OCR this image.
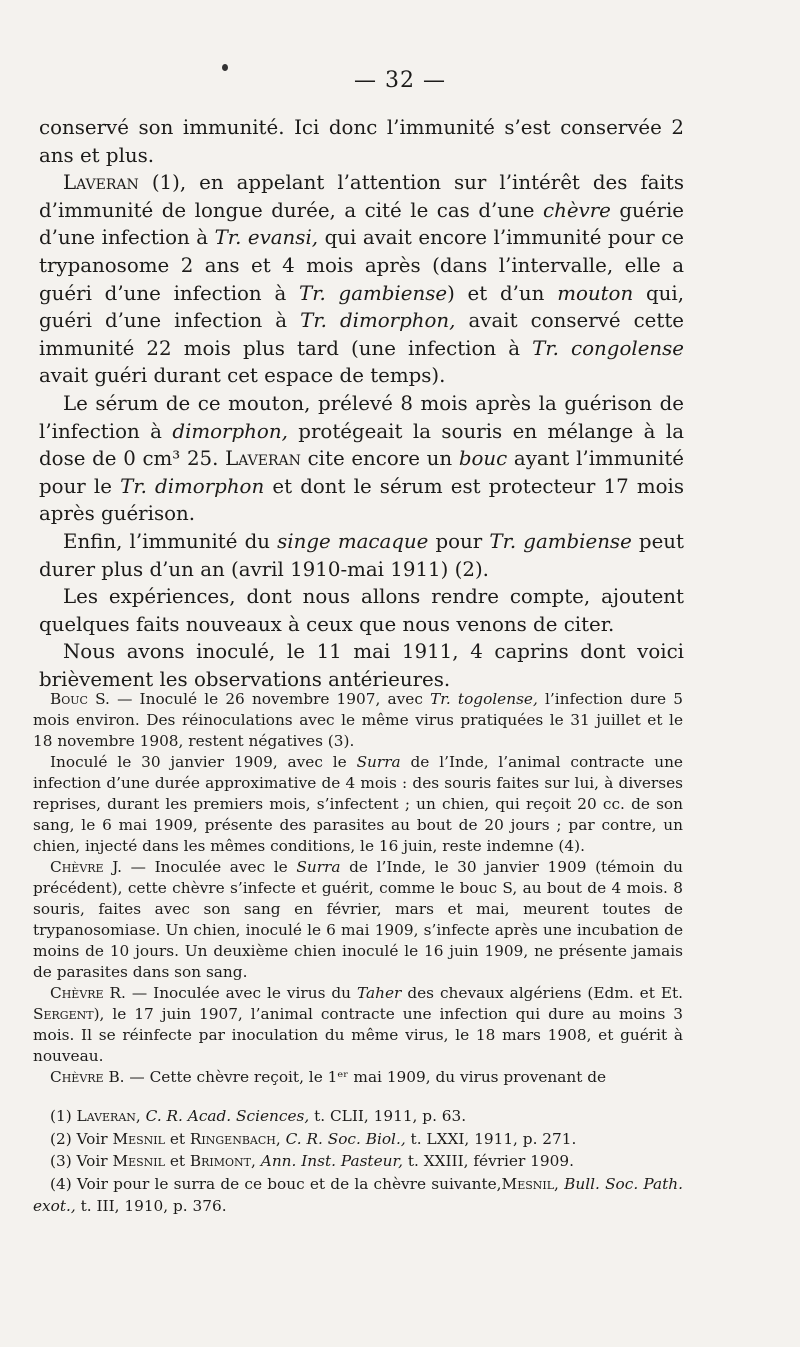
— 32 —

conservé son immunité. Ici donc l’immunité s’est conservée 2 ans et plus.

Laveran (1), en appelant l’attention sur l’intérêt des faits d’immunité de longue durée, a cité le cas d’une chèvre guérie d’une infection à Tr. evansi, qui avait encore l’immunité pour ce trypanosome 2 ans et 4 mois après (dans l’intervalle, elle a guéri d’une infection à Tr. gambiense) et d’un mouton qui, guéri d’une infection à Tr. dimorphon, avait conservé cette immunité 22 mois plus tard (une infection à Tr. congolense avait guéri durant cet espace de temps).

Le sérum de ce mouton, prélevé 8 mois après la guérison de l’infection à dimorphon, protégeait la souris en mélange à la dose de 0 cm³ 25. Laveran cite encore un bouc ayant l’immunité pour le Tr. dimorphon et dont le sérum est protecteur 17 mois après guérison.

Enfin, l’immunité du singe macaque pour Tr. gambiense peut durer plus d’un an (avril 1910-mai 1911) (2).

Les expériences, dont nous allons rendre compte, ajoutent quelques faits nouveaux à ceux que nous venons de citer.

Nous avons inoculé, le 11 mai 1911, 4 caprins dont voici brièvement les observations antérieures.

Bouc S. — Inoculé le 26 novembre 1907, avec Tr. togolense, l’infection dure 5 mois environ. Des réinoculations avec le même virus pratiquées le 31 juillet et le 18 novembre 1908, restent négatives (3).

Inoculé le 30 janvier 1909, avec le Surra de l’Inde, l’animal contracte une infection d’une durée approximative de 4 mois : des souris faites sur lui, à diverses reprises, durant les premiers mois, s’infectent ; un chien, qui reçoit 20 cc. de son sang, le 6 mai 1909, présente des parasites au bout de 20 jours ; par contre, un chien, injecté dans les mêmes conditions, le 16 juin, reste indemne (4).

Chèvre J. — Inoculée avec le Surra de l’Inde, le 30 janvier 1909 (témoin du précédent), cette chèvre s’infecte et guérit, comme le bouc S, au bout de 4 mois. 8 souris, faites avec son sang en février, mars et mai, meurent toutes de trypanosomiase. Un chien, inoculé le 6 mai 1909, s’infecte après une incubation de moins de 10 jours. Un deuxième chien inoculé le 16 juin 1909, ne présente jamais de parasites dans son sang.

Chèvre R. — Inoculée avec le virus du Taher des chevaux algériens (Edm. et Et. Sergent), le 17 juin 1907, l’animal contracte une infection qui dure au moins 3 mois. Il se réinfecte par inoculation du même virus, le 18 mars 1908, et guérit à nouveau.

Chèvre B. — Cette chèvre reçoit, le 1ᵉʳ mai 1909, du virus provenant de

(1) Laveran, C. R. Acad. Sciences, t. CLII, 1911, p. 63.

(2) Voir Mesnil et Ringenbach, C. R. Soc. Biol., t. LXXI, 1911, p. 271.

(3) Voir Mesnil et Brimont, Ann. Inst. Pasteur, t. XXIII, février 1909.

(4) Voir pour le surra de ce bouc et de la chèvre suivante,Mesnil, Bull. Soc. Path. exot., t. III, 1910, p. 376.
